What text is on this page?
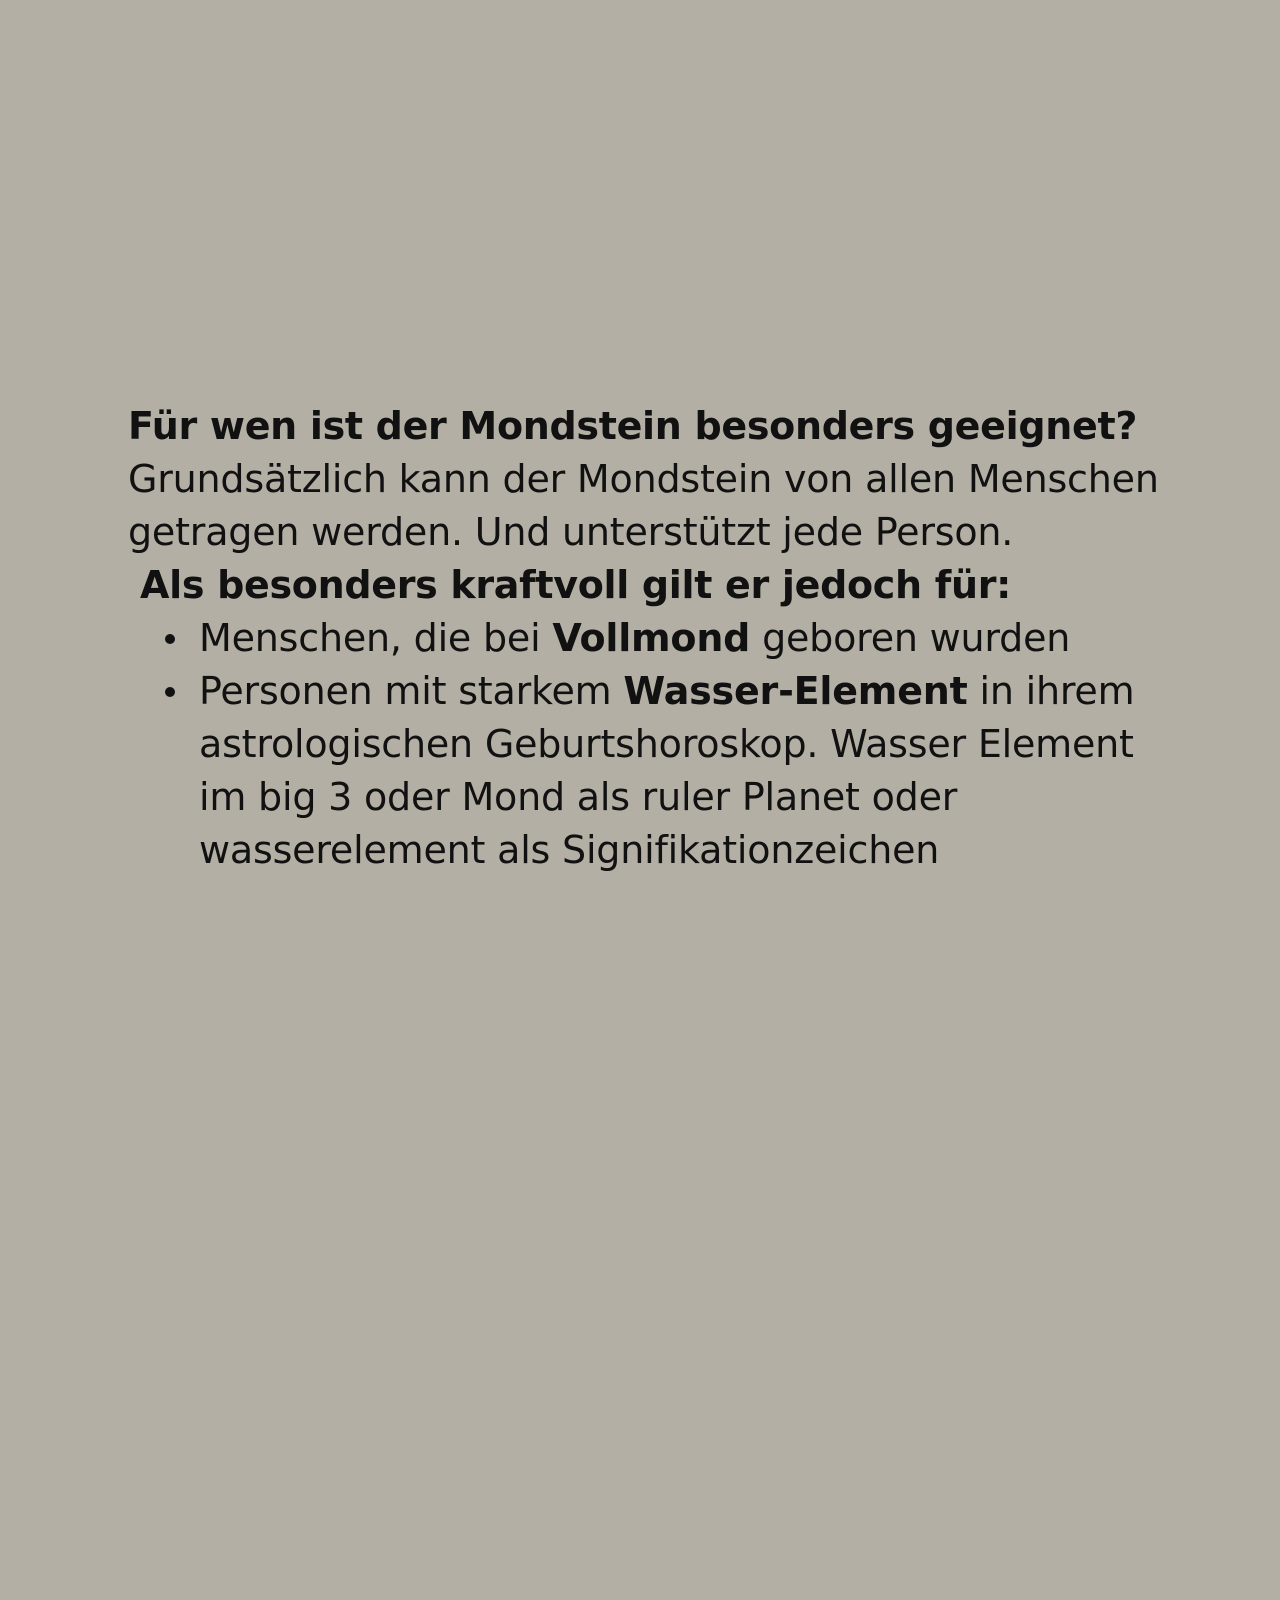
Für wen ist der Mondstein besonders geeignet?

Grundsätzlich kann der Mondstein von allen Menschen getragen werden. Und unterstützt jede Person.

Als besonders kraftvoll gilt er jedoch für:

Menschen, die bei Vollmond geboren wurden
Personen mit starkem Wasser-Element in ihrem astrologischen Geburtshoroskop. Wasser Element im big 3 oder Mond als ruler Planet oder wasserelement als Signifikationzeichen
